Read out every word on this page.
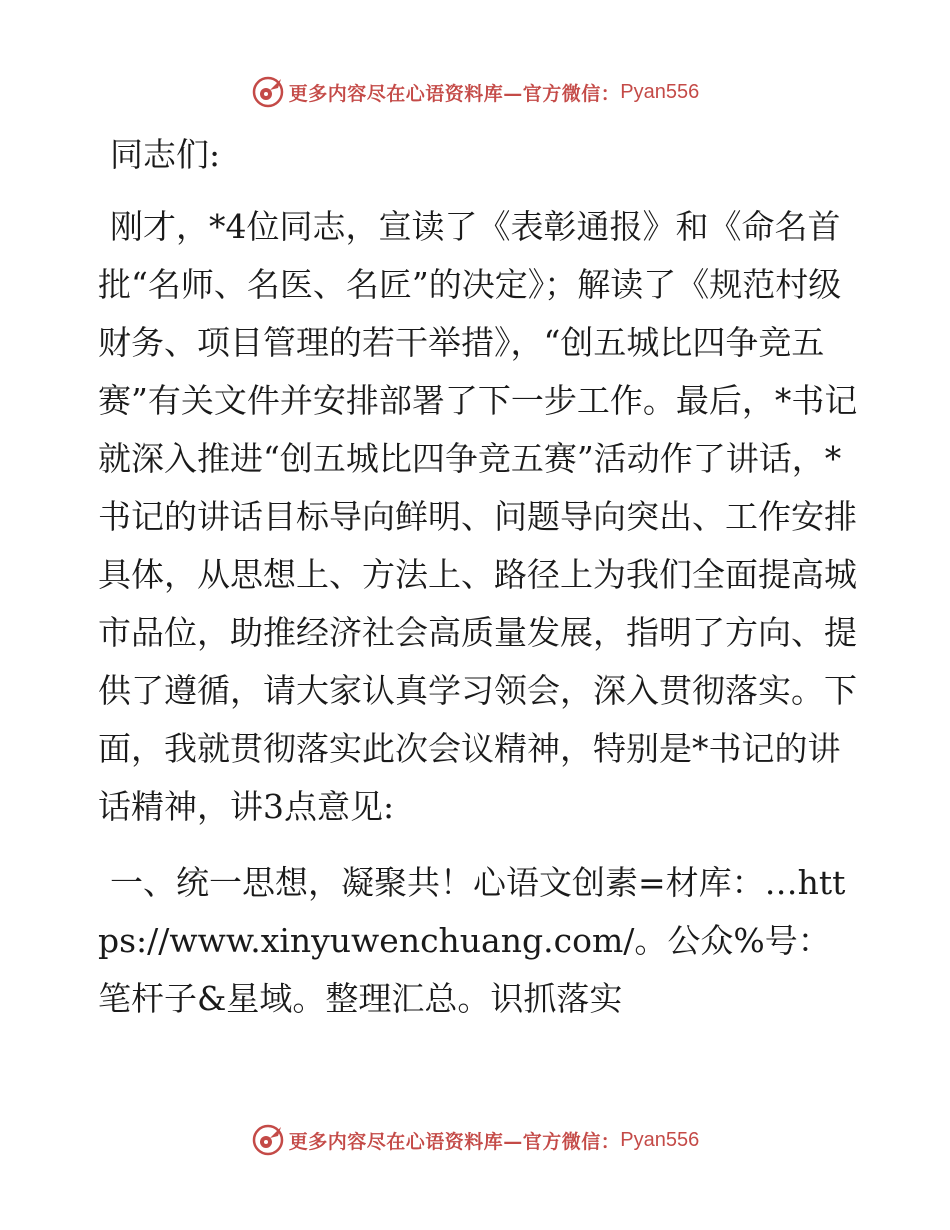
更多内容尽在心语资料库—官方微信： Pyan556
同志们:

刚才，*4位同志，宣读了《表彰通报》和《命名首批“名师、名医、名匠”的决定》；解读了《规范村级财务、项目管理的若干举措》，“创五城比四争竞五赛”有关文件并安排部署了下一步工作。最后，*书记就深入推进“创五城比四争竞五赛”活动作了讲话，*书记的讲话目标导向鲜明、问题导向突出、工作安排具体，从思想上、方法上、路径上为我们全面提高城市品位，助推经济社会高质量发展，指明了方向、提供了遵循，请大家认真学习领会，深入贯彻落实。下面，我就贯彻落实此次会议精神，特别是*书记的讲话精神，讲3点意见:

一、统一思想，凝聚共！心语文创素=材库：…https://www.xinyuwenchuang.com/。公众%号：笔杆子&星域。整理汇总。识抓落实

更多内容尽在心语资料库—官方微信： Pyan556
